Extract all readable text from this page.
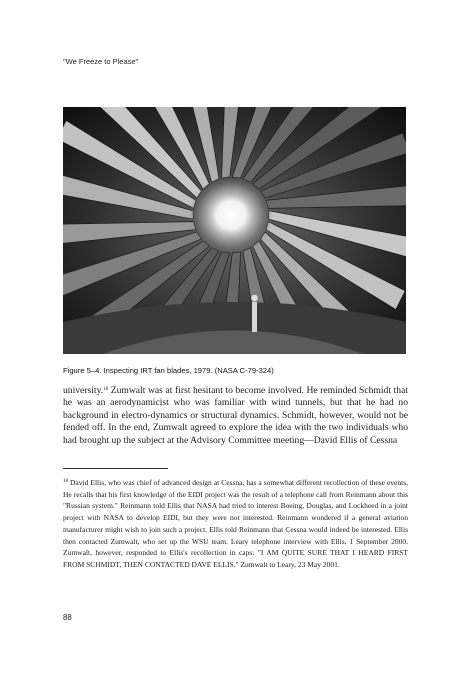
"We Freeze to Please"
Figure 5–4. Inspecting IRT fan blades, 1979. (NASA C-79-324)

university.$^{18}$ Zumwalt was at first hesitant to become involved. He reminded Schmidt that he was an aerodynamicist who was familiar with wind tunnels, but that he had no background in electro-dynamics or structural dynamics. Schmidt, however, would not be fended off. In the end, Zumwalt agreed to explore the idea with the two individuals who had brought up the subject at the Advisory Committee meeting—David Ellis of Cessna

$^{18}$ David Ellis, who was chief of advanced design at Cessna, has a somewhat different recollection of these events. He recalls that his first knowledge of the EIDI project was the result of a telephone call from Reinmann about this "Russian system." Reinmann told Ellis that NASA had tried to interest Boeing, Douglas, and Lockheed in a joint project with NASA to develop EIDI, but they were not interested. Reinmann wondered if a general aviation manufacturer might wish to join such a project. Ellis told Reinmann that Cessna would indeed be interested. Ellis then contacted Zumwalt, who set up the WSU team. Leary telephone interview with Ellis, 1 September 2000. Zumwalt, however, responded to Ellis's recollection in caps: "I AM QUITE SURE THAT I HEARD FIRST FROM SCHMIDT, THEN CONTACTED DAVE ELLIS." Zumwalt to Leary, 23 May 2001.

88
